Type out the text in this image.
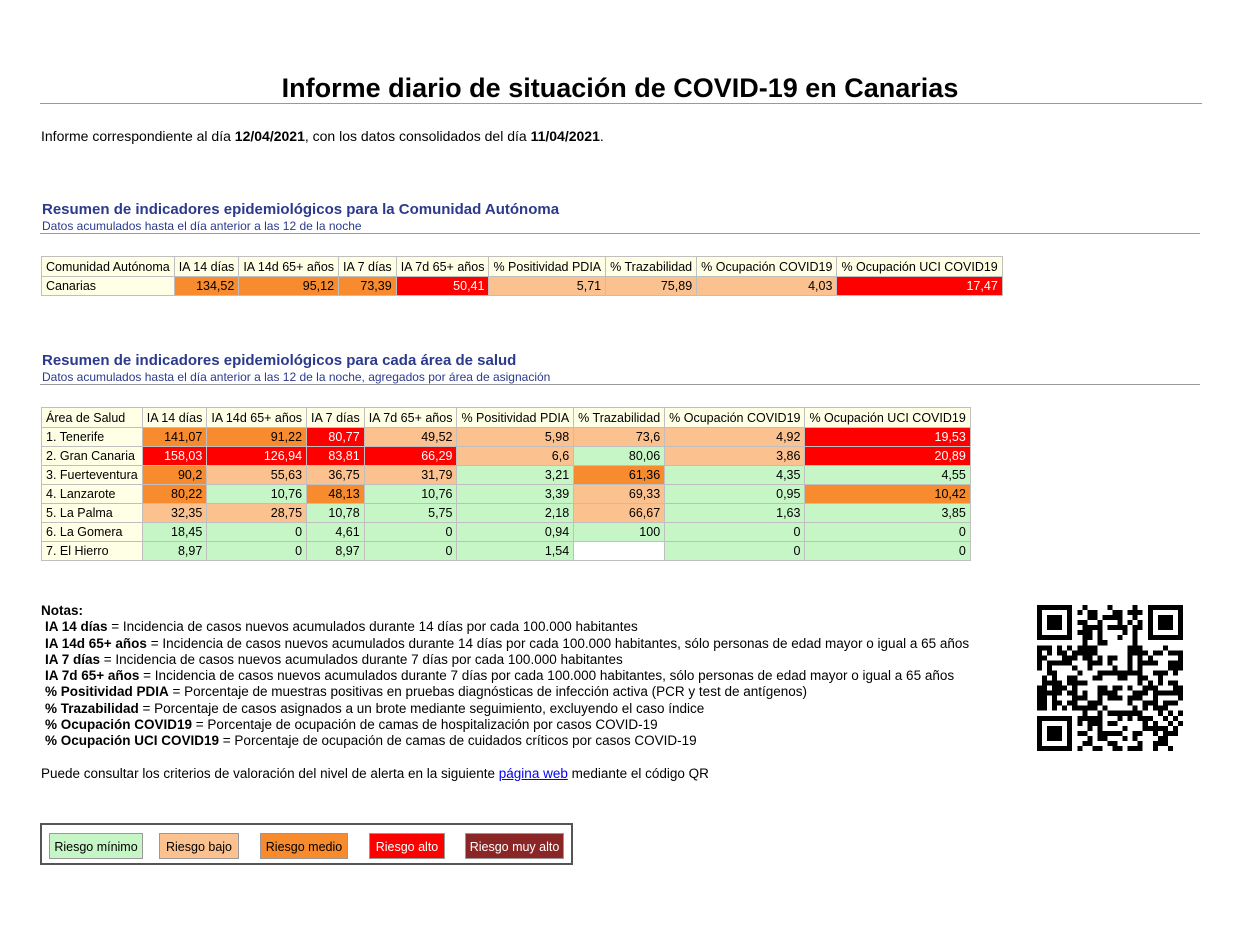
Informe diario de situación de COVID-19 en Canarias
Informe correspondiente al día 12/04/2021, con los datos consolidados del día 11/04/2021.
Resumen de indicadores epidemiológicos para la Comunidad Autónoma
Datos acumulados hasta el día anterior a las 12 de la noche
Comunidad Autónoma	IA 14 días	IA 14d 65+ años	IA 7 días	IA 7d 65+ años	% Positividad PDIA	% Trazabilidad	% Ocupación COVID19	% Ocupación UCI COVID19
Canarias	134,52	95,12	73,39	50,41	5,71	75,89	4,03	17,47
Resumen de indicadores epidemiológicos para cada área de salud
Datos acumulados hasta el día anterior a las 12 de la noche, agregados por área de asignación
Área de Salud	IA 14 días	IA 14d 65+ años	IA 7 días	IA 7d 65+ años	% Positividad PDIA	% Trazabilidad	% Ocupación COVID19	% Ocupación UCI COVID19
1. Tenerife	141,07	91,22	80,77	49,52	5,98	73,6	4,92	19,53
2. Gran Canaria	158,03	126,94	83,81	66,29	6,6	80,06	3,86	20,89
3. Fuerteventura	90,2	55,63	36,75	31,79	3,21	61,36	4,35	4,55
4. Lanzarote	80,22	10,76	48,13	10,76	3,39	69,33	0,95	10,42
5. La Palma	32,35	28,75	10,78	5,75	2,18	66,67	1,63	3,85
6. La Gomera	18,45	0	4,61	0	0,94	100	0	0
7. El Hierro	8,97	0	8,97	0	1,54		0	0
Notas:
IA 14 días = Incidencia de casos nuevos acumulados durante 14 días por cada 100.000 habitantes
IA 14d 65+ años = Incidencia de casos nuevos acumulados durante 14 días por cada 100.000 habitantes, sólo personas de edad mayor o igual a 65 años
IA 7 días = Incidencia de casos nuevos acumulados durante 7 días por cada 100.000 habitantes
IA 7d 65+ años = Incidencia de casos nuevos acumulados durante 7 días por cada 100.000 habitantes, sólo personas de edad mayor o igual a 65 años
% Positividad PDIA = Porcentaje de muestras positivas en pruebas diagnósticas de infección activa (PCR y test de antígenos)
% Trazabilidad = Porcentaje de casos asignados a un brote mediante seguimiento, excluyendo el caso índice
% Ocupación COVID19 = Porcentaje de ocupación de camas de hospitalización por casos COVID-19
% Ocupación UCI COVID19 = Porcentaje de ocupación de camas de cuidados críticos por casos COVID-19
Puede consultar los criterios de valoración del nivel de alerta en la siguiente página web mediante el código QR
Riesgo mínimo	Riesgo bajo	Riesgo medio	Riesgo alto	Riesgo muy alto
